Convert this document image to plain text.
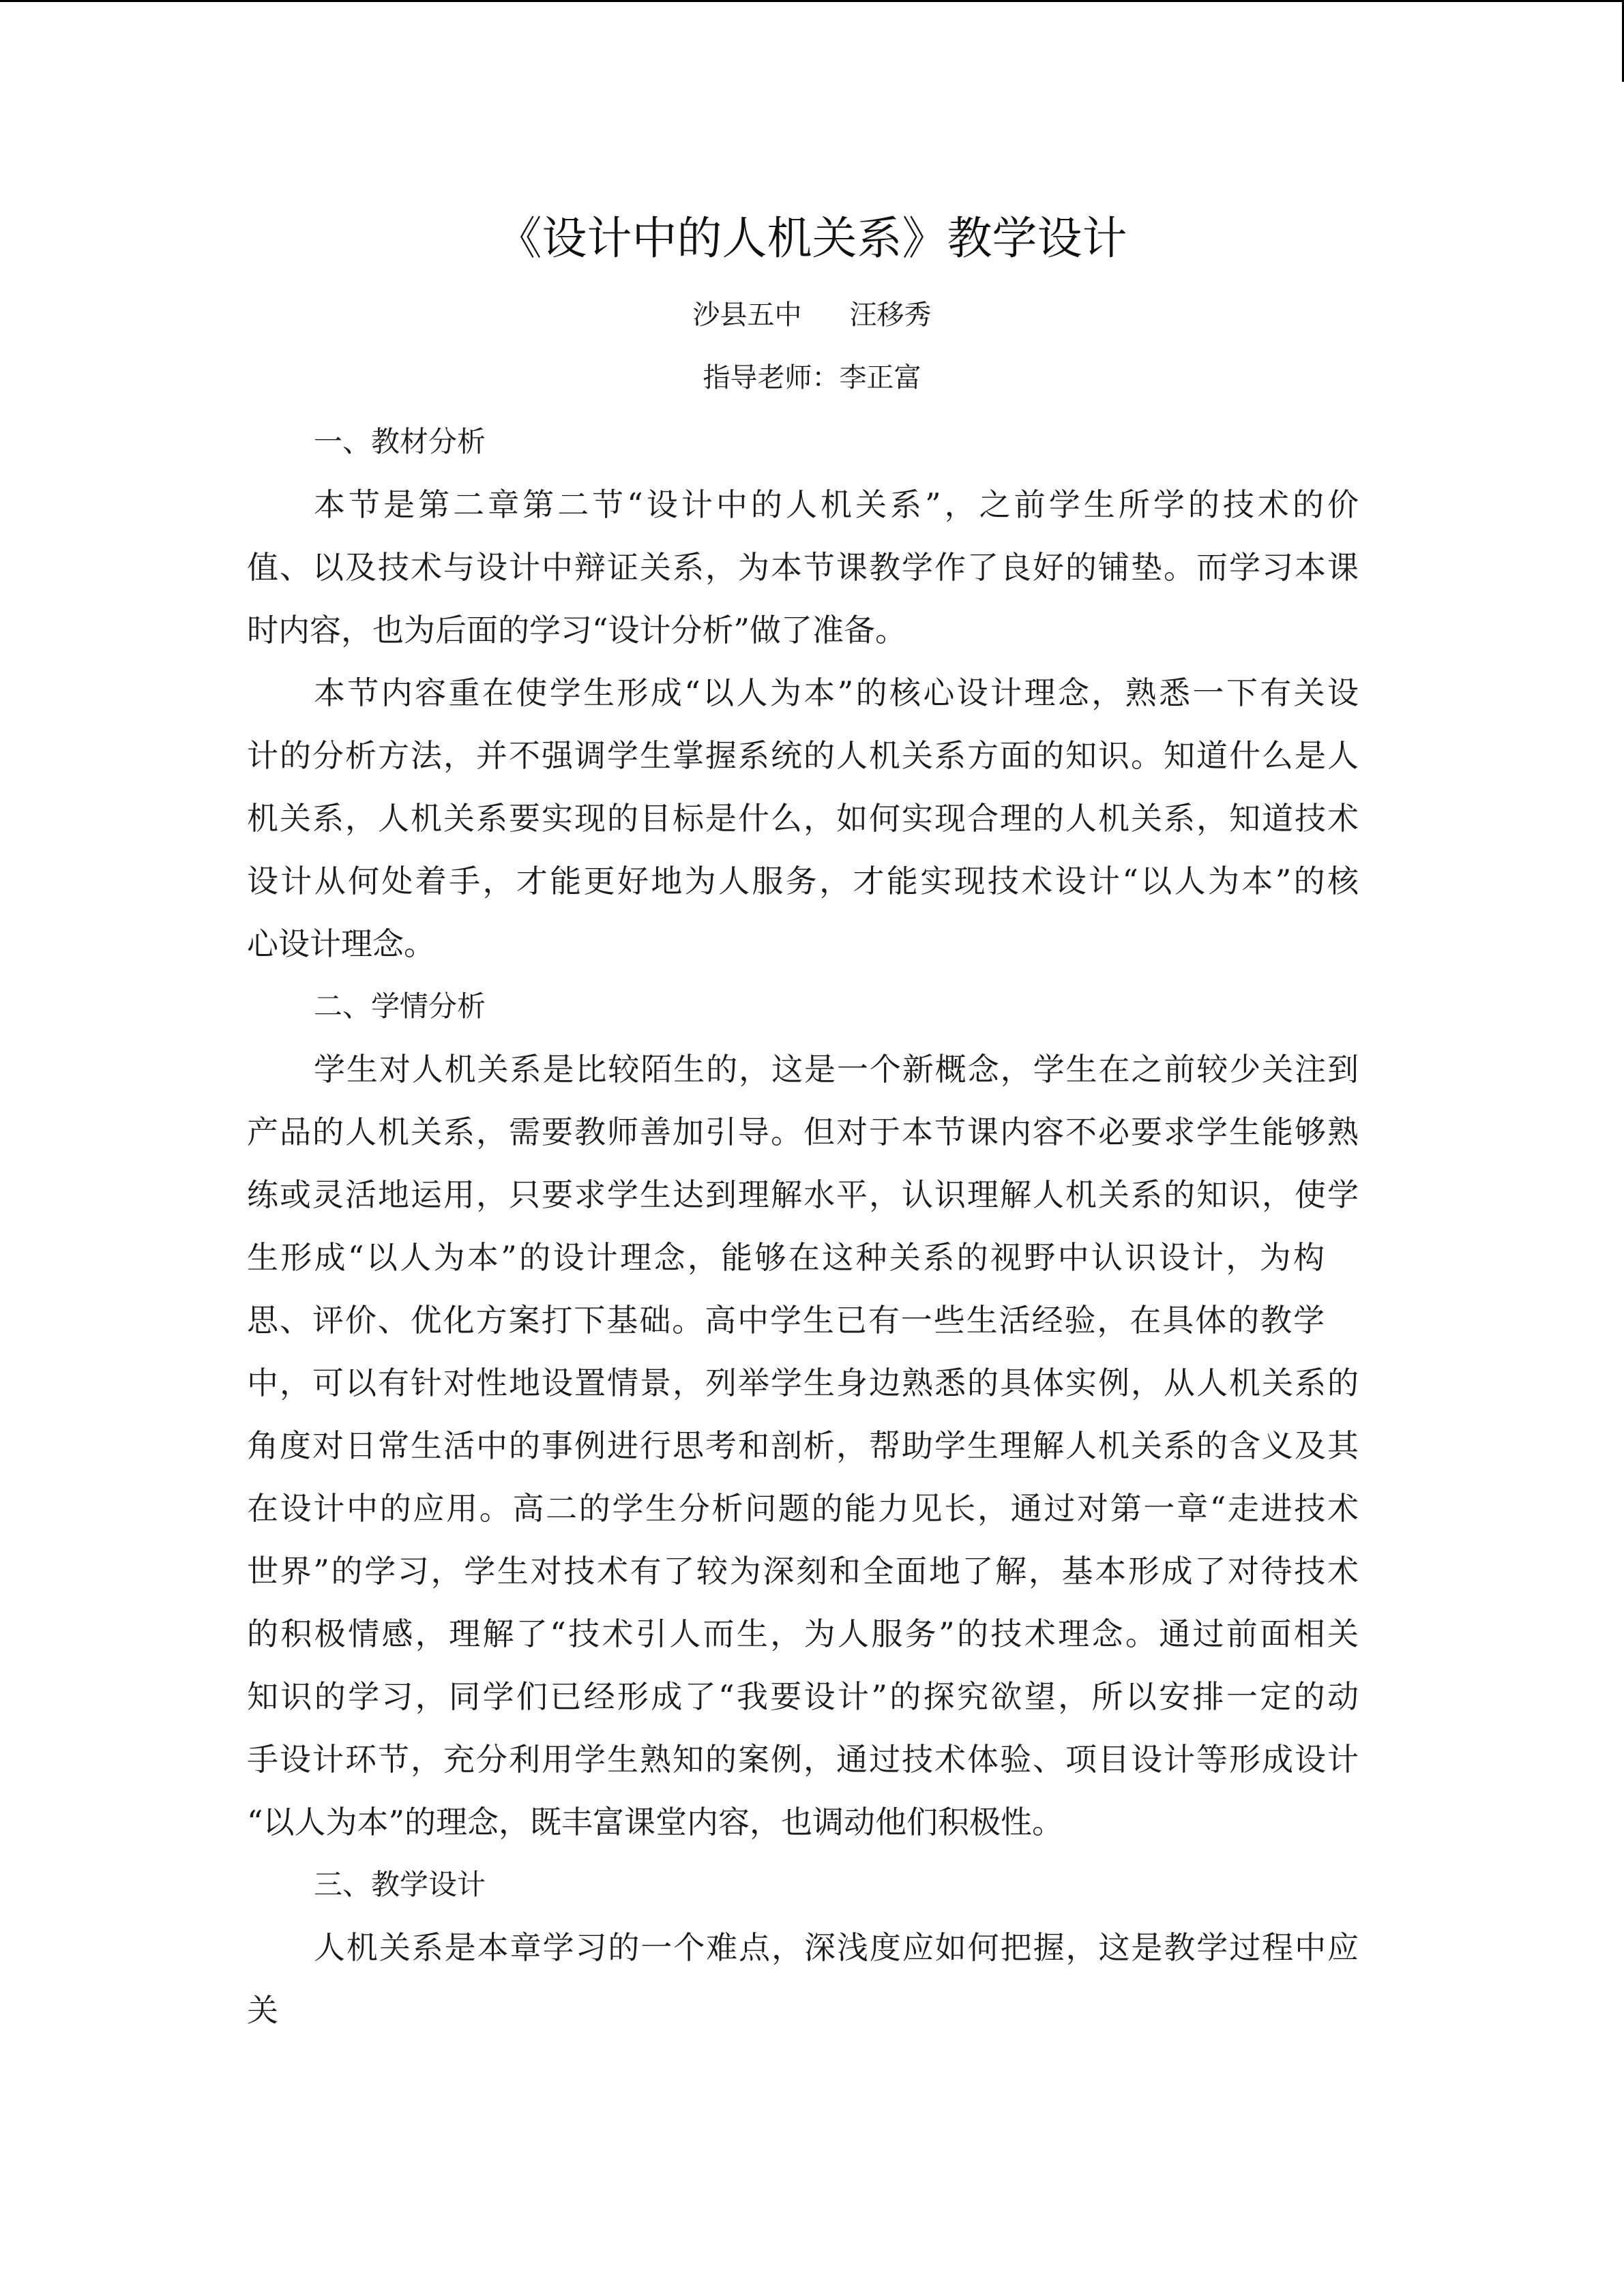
《设计中的人机关系》教学设计
沙县五中 汪移秀
指导老师：李正富
一、教材分析
本节是第二章第二节“设计中的人机关系”，之前学生所学的技术的价
值、以及技术与设计中辩证关系，为本节课教学作了良好的铺垫。而学习本课
时内容，也为后面的学习“设计分析”做了准备。
本节内容重在使学生形成“以人为本”的核心设计理念，熟悉一下有关设
计的分析方法，并不强调学生掌握系统的人机关系方面的知识。知道什么是人
机关系，人机关系要实现的目标是什么，如何实现合理的人机关系，知道技术
设计从何处着手，才能更好地为人服务，才能实现技术设计“以人为本”的核
心设计理念。
二、学情分析
学生对人机关系是比较陌生的，这是一个新概念，学生在之前较少关注到
产品的人机关系，需要教师善加引导。但对于本节课内容不必要求学生能够熟
练或灵活地运用，只要求学生达到理解水平，认识理解人机关系的知识，使学
生形成“以人为本”的设计理念，能够在这种关系的视野中认识设计，为构
思、评价、优化方案打下基础。高中学生已有一些生活经验，在具体的教学
中，可以有针对性地设置情景，列举学生身边熟悉的具体实例，从人机关系的
角度对日常生活中的事例进行思考和剖析，帮助学生理解人机关系的含义及其
在设计中的应用。高二的学生分析问题的能力见长，通过对第一章“走进技术
世界”的学习，学生对技术有了较为深刻和全面地了解，基本形成了对待技术
的积极情感，理解了“技术引人而生，为人服务”的技术理念。通过前面相关
知识的学习，同学们已经形成了“我要设计”的探究欲望，所以安排一定的动
手设计环节，充分利用学生熟知的案例，通过技术体验、项目设计等形成设计
“以人为本”的理念，既丰富课堂内容，也调动他们积极性。
三、教学设计
人机关系是本章学习的一个难点，深浅度应如何把握，这是教学过程中应
关
